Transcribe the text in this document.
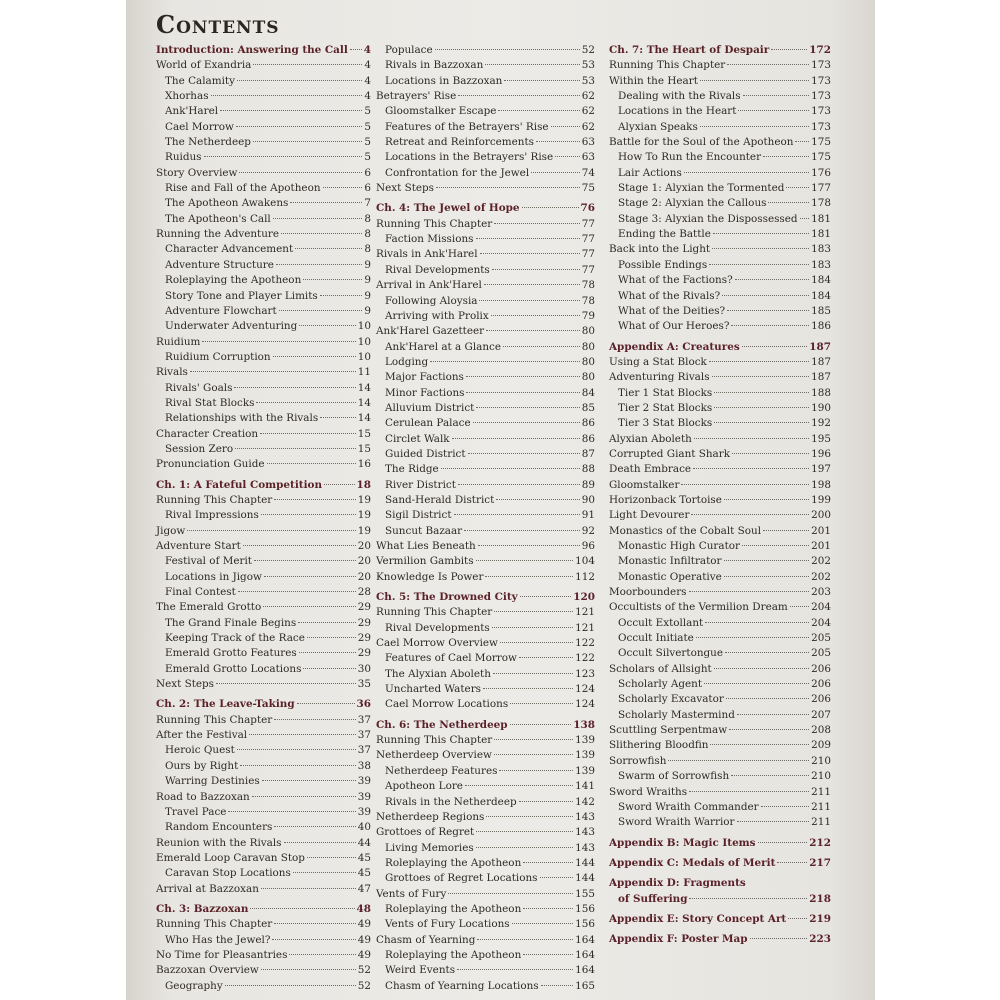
Contents
Introduction: Answering the Call 4
World of Exandria	4
The Calamity	4
Xhorhas	4
Ank'Harel	5
Cael Morrow	5
The Netherdeep	5
Ruidus	5
Story Overview	6
Rise and Fall of the Apotheon	6
The Apotheon Awakens	7
The Apotheon's Call	8
Running the Adventure	8
Character Advancement	8
Adventure Structure	9
Roleplaying the Apotheon	9
Story Tone and Player Limits	9
Adventure Flowchart	9
Underwater Adventuring	10
Ruidium	10
Ruidium Corruption	10
Rivals	11
Rivals' Goals	14
Rival Stat Blocks	14
Relationships with the Rivals	14
Character Creation	15
Session Zero	15
Pronunciation Guide	16
Ch. 1: A Fateful Competition	18
Running This Chapter	19
Rival Impressions	19
Jigow	19
Adventure Start	20
Festival of Merit	20
Locations in Jigow	20
Final Contest	28
The Emerald Grotto	29
The Grand Finale Begins	29
Keeping Track of the Race	29
Emerald Grotto Features	29
Emerald Grotto Locations	30
Next Steps	35
Ch. 2: The Leave-Taking	36
Running This Chapter	37
After the Festival	37
Heroic Quest	37
Ours by Right	38
Warring Destinies	39
Road to Bazzoxan	39
Travel Pace	39
Random Encounters	40
Reunion with the Rivals	44
Emerald Loop Caravan Stop	45
Caravan Stop Locations	45
Arrival at Bazzoxan	47
Ch. 3: Bazzoxan	48
Running This Chapter	49
Who Has the Jewel?	49
No Time for Pleasantries	49
Bazzoxan Overview	52
Geography	52
Populace	52
Rivals in Bazzoxan	53
Locations in Bazzoxan	53
Betrayers' Rise	62
Gloomstalker Escape	62
Features of the Betrayers' Rise	62
Retreat and Reinforcements	63
Locations in the Betrayers' Rise	63
Confrontation for the Jewel	74
Next Steps	75
Ch. 4: The Jewel of Hope	76
Running This Chapter	77
Faction Missions	77
Rivals in Ank'Harel	77
Rival Developments	77
Arrival in Ank'Harel	78
Following Aloysia	78
Arriving with Prolix	79
Ank'Harel Gazetteer	80
Ank'Harel at a Glance	80
Lodging	80
Major Factions	80
Minor Factions	84
Alluvium District	85
Cerulean Palace	86
Circlet Walk	86
Guided District	87
The Ridge	88
River District	89
Sand-Herald District	90
Sigil District	91
Suncut Bazaar	92
What Lies Beneath	96
Vermilion Gambits	104
Knowledge Is Power	112
Ch. 5: The Drowned City	120
Running This Chapter	121
Rival Developments	121
Cael Morrow Overview	122
Features of Cael Morrow	122
The Alyxian Aboleth	123
Uncharted Waters	124
Cael Morrow Locations	124
Ch. 6: The Netherdeep	138
Running This Chapter	139
Netherdeep Overview	139
Netherdeep Features	139
Apotheon Lore	141
Rivals in the Netherdeep	142
Netherdeep Regions	143
Grottoes of Regret	143
Living Memories	143
Roleplaying the Apotheon	144
Grottoes of Regret Locations	144
Vents of Fury	155
Roleplaying the Apotheon	156
Vents of Fury Locations	156
Chasm of Yearning	164
Roleplaying the Apotheon	164
Weird Events	164
Chasm of Yearning Locations	165
Ch. 7: The Heart of Despair	172
Running This Chapter	173
Within the Heart	173
Dealing with the Rivals	173
Locations in the Heart	173
Alyxian Speaks	173
Battle for the Soul of the Apotheon 175
How To Run the Encounter	175
Lair Actions	176
Stage 1: Alyxian the Tormented	177
Stage 2: Alyxian the Callous	178
Stage 3: Alyxian the Dispossessed 181
Ending the Battle	181
Back into the Light	183
Possible Endings	183
What of the Factions?	184
What of the Rivals?	184
What of the Deities?	185
What of Our Heroes?	186
Appendix A: Creatures	187
Using a Stat Block	187
Adventuring Rivals	187
Tier 1 Stat Blocks	188
Tier 2 Stat Blocks	190
Tier 3 Stat Blocks	192
Alyxian Aboleth	195
Corrupted Giant Shark	196
Death Embrace	197
Gloomstalker	198
Horizonback Tortoise	199
Light Devourer	200
Monastics of the Cobalt Soul	201
Monastic High Curator	201
Monastic Infiltrator	202
Monastic Operative	202
Moorbounders	203
Occultists of the Vermilion Dream 204
Occult Extollant	204
Occult Initiate	205
Occult Silvertongue	205
Scholars of Allsight	206
Scholarly Agent	206
Scholarly Excavator	206
Scholarly Mastermind	207
Scuttling Serpentmaw	208
Slithering Bloodfin	209
Sorrowfish	210
Swarm of Sorrowfish	210
Sword Wraiths	211
Sword Wraith Commander	211
Sword Wraith Warrior	211
Appendix B: Magic Items	212
Appendix C: Medals of Merit	217
Appendix D: Fragments
of Suffering	218
Appendix E: Story Concept Art 219
Appendix F: Poster Map	223
